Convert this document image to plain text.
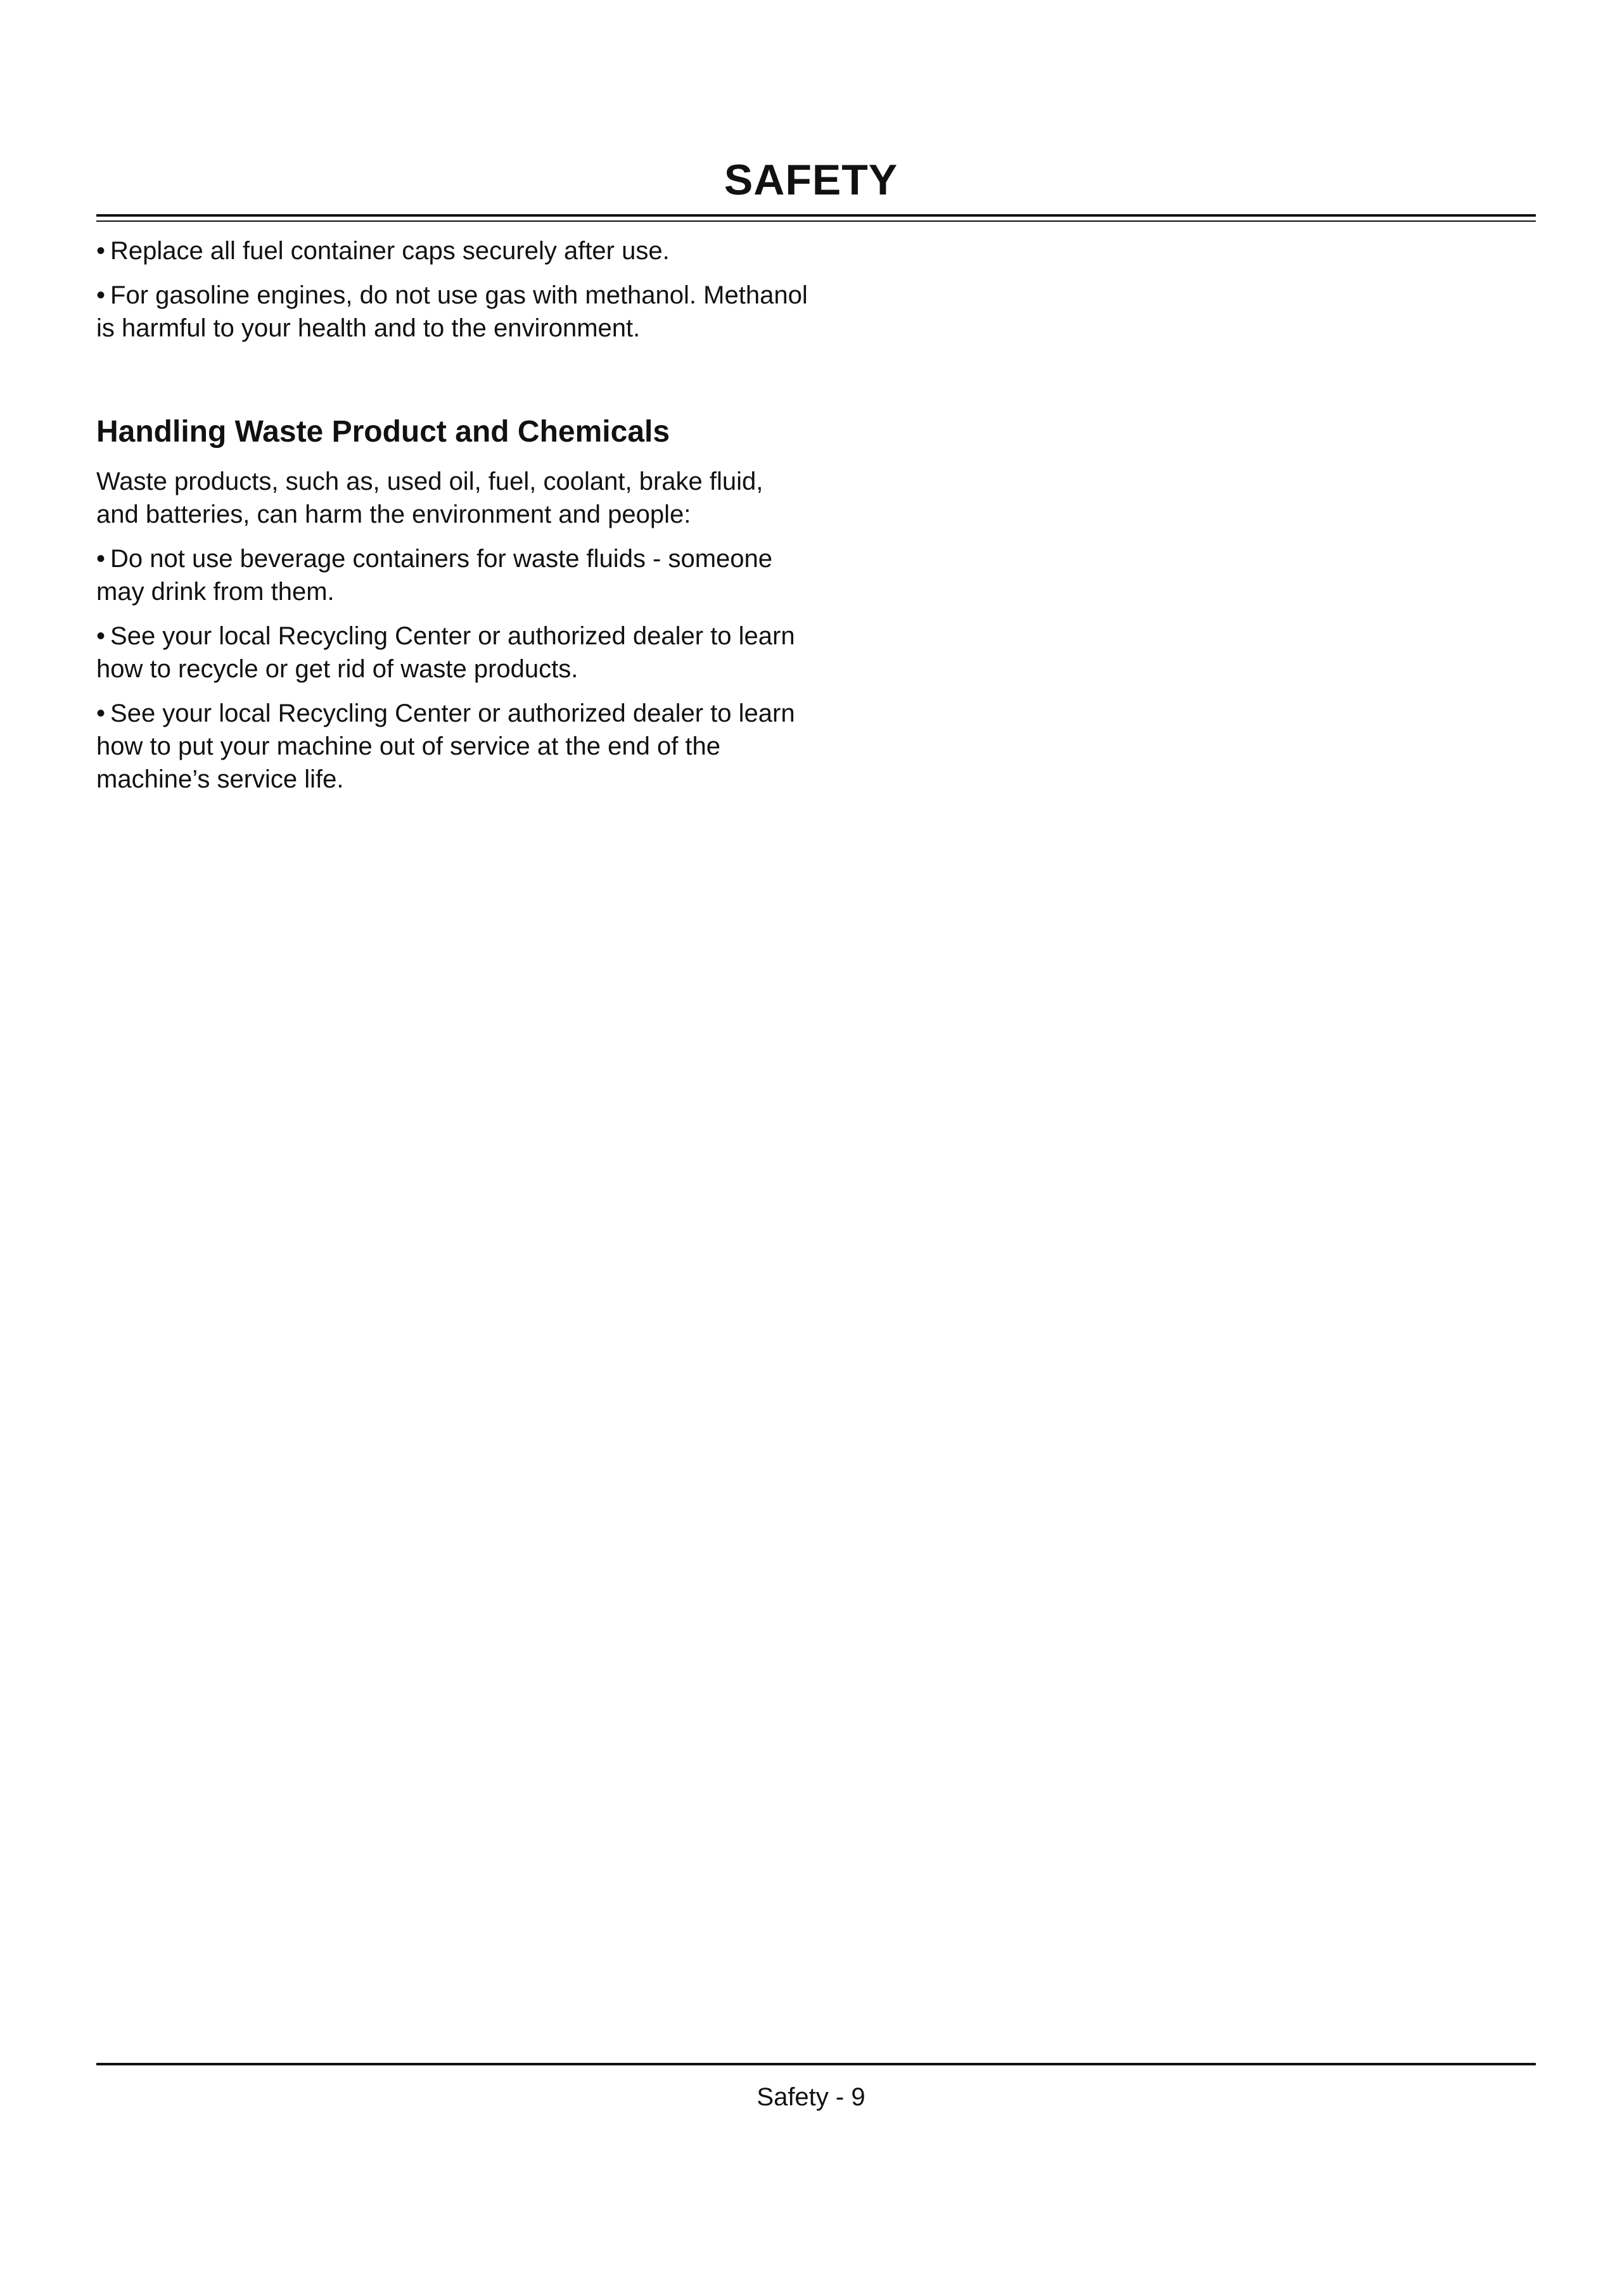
SAFETY
• Replace all fuel container caps securely after use.
• For gasoline engines, do not use gas with methanol. Methanol is harmful to your health and to the environment.
Handling Waste Product and Chemicals
Waste products, such as, used oil, fuel, coolant, brake fluid, and batteries, can harm the environment and people:
• Do not use beverage containers for waste fluids - someone may drink from them.
• See your local Recycling Center or authorized dealer to learn how to recycle or get rid of waste products.
• See your local Recycling Center or authorized dealer to learn how to put your machine out of service at the end of the machine’s service life.
Safety - 9
